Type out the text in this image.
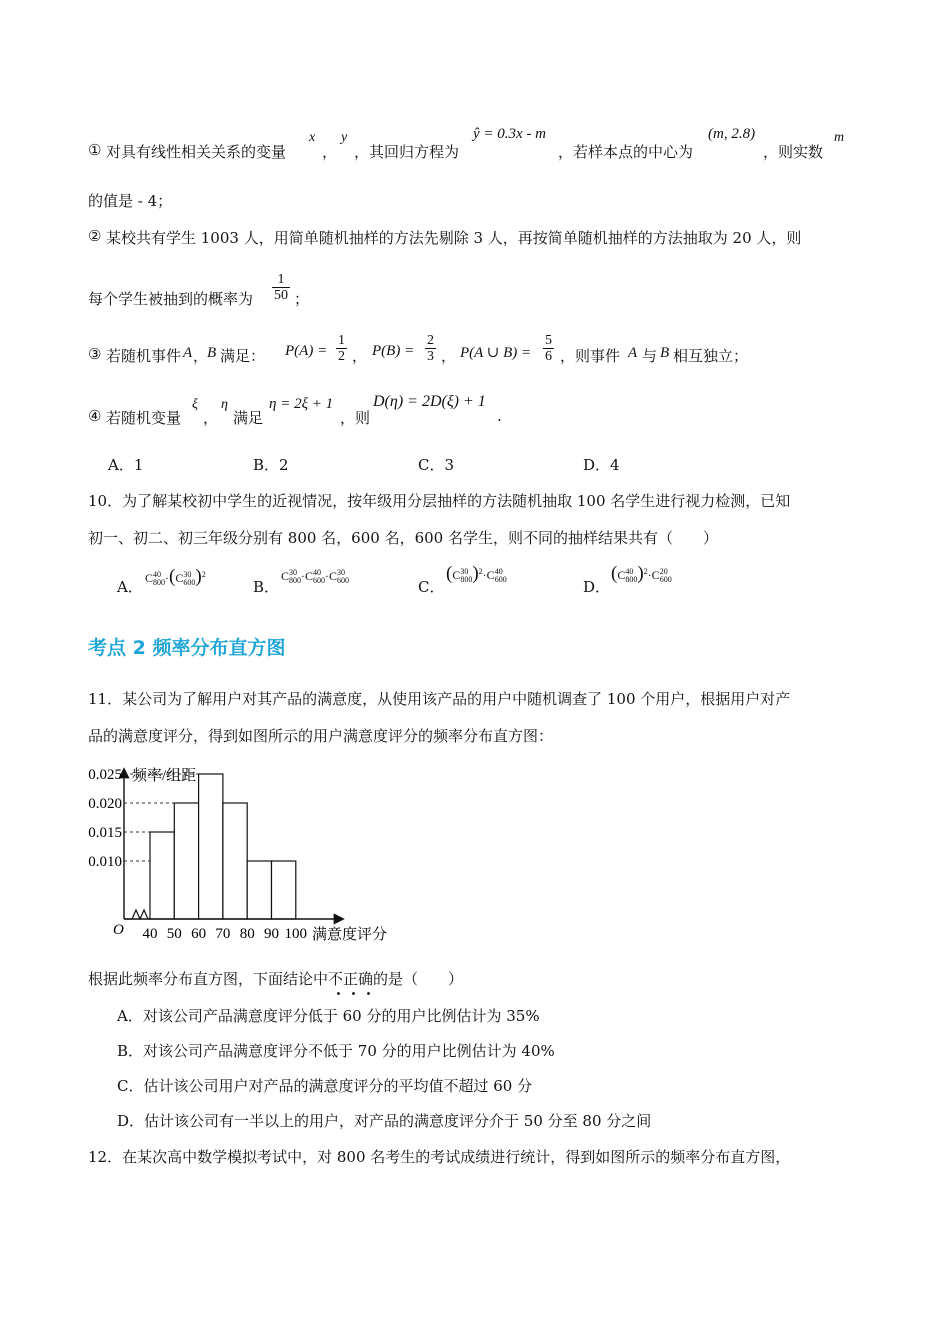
① 对具有线性相关关系的变量
x
，
y
，其回归方程为
ŷ = 0.3x - m
，若样本点的中心为
(m, 2.8)
，则实数
m
的值是 - 4；
② 某校共有学生 1003 人，用简单随机抽样的方法先剔除 3 人，再按简单随机抽样的方法抽取为 20 人，则
每个学生被抽到的概率为 $\frac{1}{50}$ ；
③ 若随机事件 A ，
B 满足： $P(A) = \frac{1}{2}$ ， $P(B) = \frac{2}{3}$ ， P(A ∪ $B) = \frac{5}{6}$ ，则事件 A 与 B 相互独立；
④ 若随机变量
ξ
，
η
满足
η = 2ξ + 1
，则
D(η) = 2D(ξ) + 1
.
A．1	B．2	C．3	D．4
10．为了解某校初中学生的近视情况，按年级用分层抽样的方法随机抽取 100 名学生进行视力检测，已知
初一、初二、初三年级分别有 800 名，600 名，600 名学生，则不同的抽样结果共有（　　）
A． C 40
800 ·(C 30
600 )$^2$
B．
C 30
800 ·C 40
600 ·C 30
600	C．
(C 30
800 )$^2$·C 40
600	D．
(C 40
800 )$^2$·C 20
600
考点 2 频率分布直方图
11．某公司为了解用户对其产品的满意度，从使用该产品的用户中随机调查了 100 个用户，根据用户对产
品的满意度评分，得到如图所示的用户满意度评分的频率分布直方图：
频率/组距
满意度评分
O
0.025
0.020
0.015
0.010
40 50 60 70 80 90 100
根据此频率分布直方图，下面结论中不正确的是（　　）
A．对该公司产品满意度评分低于 60 分的用户比例估计为 35%
B．对该公司产品满意度评分不低于 70 分的用户比例估计为 40%
C．估计该公司用户对产品的满意度评分的平均值不超过 60 分
D．估计该公司有一半以上的用户，对产品的满意度评分介于 50 分至 80 分之间
12．在某次高中数学模拟考试中，对 800 名考生的考试成绩进行统计，得到如图所示的频率分布直方图，
